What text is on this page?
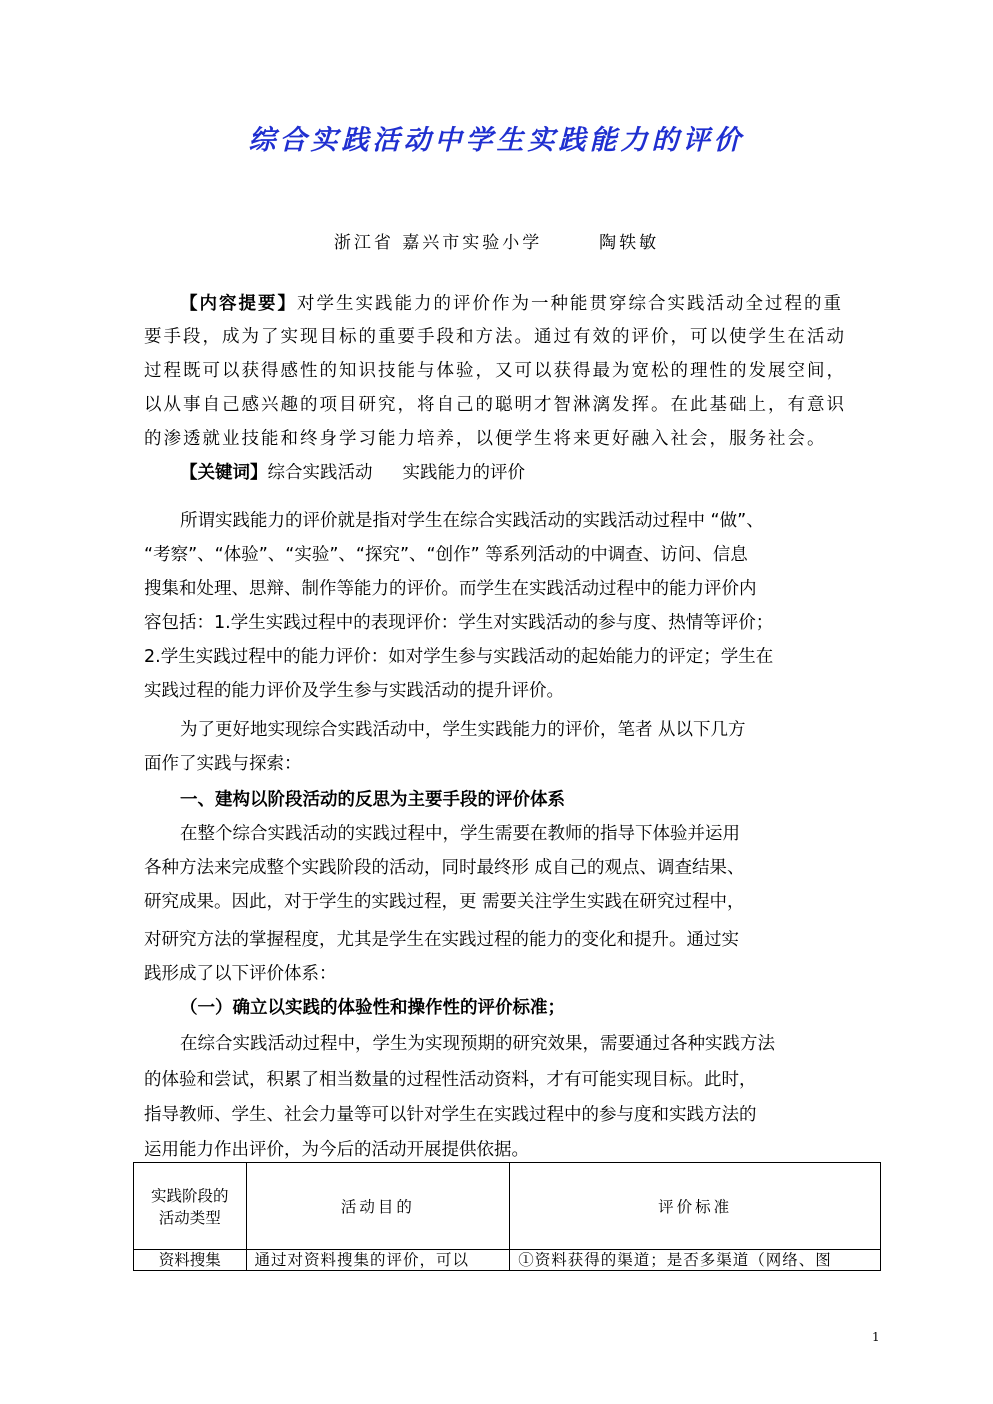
综合实践活动中学生实践能力的评价
浙江省 嘉兴市实验小学	陶轶敏
【内容提要】对学生实践能力的评价作为一种能贯穿综合实践活动全过程的重
要手段，成为了实现目标的重要手段和方法。通过有效的评价，可以使学生在活动
过程既可以获得感性的知识技能与体验，又可以获得最为宽松的理性的发展空间，
以从事自己感兴趣的项目研究，将自己的聪明才智淋漓发挥。在此基础上，有意识
的渗透就业技能和终身学习能力培养，以便学生将来更好融入社会，服务社会。
【关键词】综合实践活动 实践能力的评价
所谓实践能力的评价就是指对学生在综合实践活动的实践活动过程中 “做”、
“考察”、“体验”、“实验”、“探究”、“创作” 等系列活动的中调查、访问、信息
搜集和处理、思辩、制作等能力的评价。而学生在实践活动过程中的能力评价内
容包括：1.学生实践过程中的表现评价：学生对实践活动的参与度、热情等评价；
2.学生实践过程中的能力评价：如对学生参与实践活动的起始能力的评定；学生在
实践过程的能力评价及学生参与实践活动的提升评价。
为了更好地实现综合实践活动中，学生实践能力的评价，笔者 从以下几方
面作了实践与探索：
一、建构以阶段活动的反思为主要手段的评价体系
在整个综合实践活动的实践过程中，学生需要在教师的指导下体验并运用
各种方法来完成整个实践阶段的活动，同时最终形 成自己的观点、调查结果、
研究成果。因此，对于学生的实践过程，更 需要关注学生实践在研究过程中，
对研究方法的掌握程度，尤其是学生在实践过程的能力的变化和提升。通过实
践形成了以下评价体系：
（一）确立以实践的体验性和操作性的评价标准；
在综合实践活动过程中，学生为实现预期的研究效果，需要通过各种实践方法
的体验和尝试，积累了相当数量的过程性活动资料，才有可能实现目标。此时，
指导教师、学生、社会力量等可以针对学生在实践过程中的参与度和实践方法的
运用能力作出评价，为今后的活动开展提供依据。
实践阶段的
活动类型	活动目的	评价标准
资料搜集	通过对资料搜集的评价，可以	①资料获得的渠道；是否多渠道（网络、图
1
